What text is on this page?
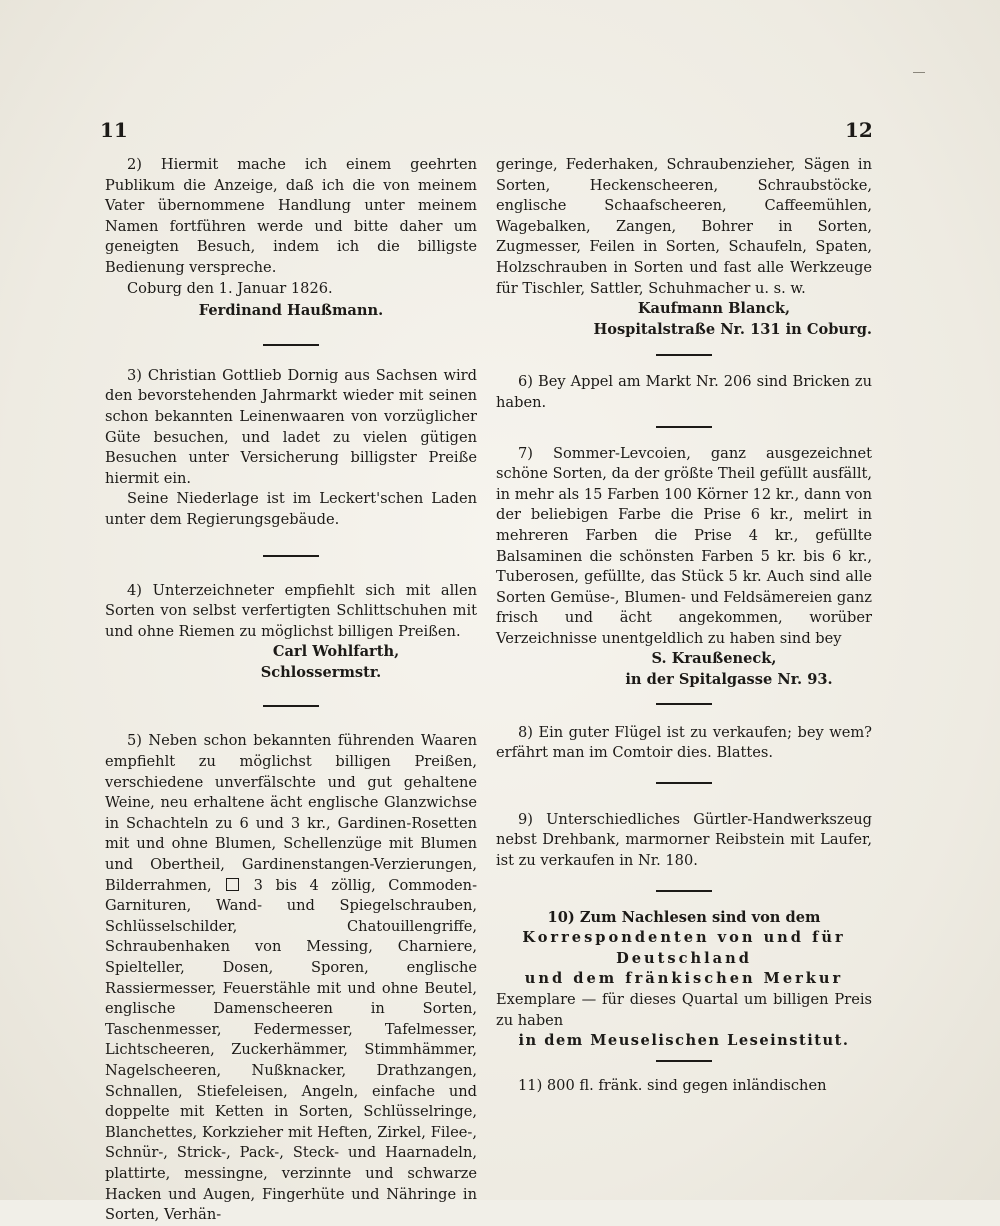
11	12

2) Hiermit mache ich einem geehrten Publikum die Anzeige, daß ich die von meinem Vater übernommene Handlung unter meinem Namen fortführen werde und bitte daher um geneigten Besuch, indem ich die billigste Bedienung verspreche.

Coburg den 1. Januar 1826.

Ferdinand Haußmann.

3) Christian Gottlieb Dornig aus Sachsen wird den bevorstehenden Jahrmarkt wieder mit seinen schon bekannten Leinenwaaren von vorzüglicher Güte besuchen, und ladet zu vielen gütigen Besuchen unter Versicherung billigster Preiße hiermit ein.

Seine Niederlage ist im Leckert'schen Laden unter dem Regierungsgebäude.

4) Unterzeichneter empfiehlt sich mit allen Sorten von selbst verfertigten Schlittschuhen mit und ohne Riemen zu möglichst billigen Preißen.

Carl Wohlfarth,
Schlossermstr.

5) Neben schon bekannten führenden Waaren empfiehlt zu möglichst billigen Preißen, verschiedene unverfälschte und gut gehaltene Weine, neu erhaltene ächt englische Glanzwichse in Schachteln zu 6 und 3 kr., Gardinen-Rosetten mit und ohne Blumen, Schellenzüge mit Blumen und Obertheil, Gardinenstangen-Verzierungen, Bilderrahmen,	3 bis 4 zöllig, Commoden-Garnituren, Wand- und Spiegelschrauben, Schlüsselschilder, Chatouillengriffe, Schraubenhaken von Messing, Charniere, Spielteller, Dosen, Sporen, englische Rassiermesser, Feuerstähle mit und ohne Beutel, englische Damenscheeren in Sorten, Taschenmesser, Federmesser, Tafelmesser, Lichtscheeren, Zuckerhämmer, Stimmhämmer, Nagelscheeren, Nußknacker, Drathzangen, Schnallen, Stiefeleisen, Angeln, einfache und doppelte mit Ketten in Sorten, Schlüsselringe, Blanchettes, Korkzieher mit Heften, Zirkel, Filee-, Schnür-, Strick-, Pack-, Steck- und Haarnadeln, plattirte, messingne, verzinnte und schwarze Hacken und Augen, Fingerhüte und Nähringe in Sorten, Verhän-

geringe, Federhaken, Schraubenzieher, Sägen in Sorten, Heckenscheeren, Schraubstöcke, englische Schaafscheeren, Caffeemühlen, Wagebalken, Zangen, Bohrer in Sorten, Zugmesser, Feilen in Sorten, Schaufeln, Spaten, Holzschrauben in Sorten und fast alle Werkzeuge für Tischler, Sattler, Schuhmacher u. s. w.

Kaufmann Blanck,
Hospitalstraße Nr. 131 in Coburg.

6) Bey Appel am Markt Nr. 206 sind Bricken zu haben.

7) Sommer-Levcoien, ganz ausgezeichnet schöne Sorten, da der größte Theil gefüllt ausfällt, in mehr als 15 Farben 100 Körner 12 kr., dann von der beliebigen Farbe die Prise 6 kr., melirt in mehreren Farben die Prise 4 kr., gefüllte Balsaminen die schönsten Farben 5 kr. bis 6 kr., Tuberosen, gefüllte, das Stück 5 kr. Auch sind alle Sorten Gemüse-, Blumen- und Feldsämereien ganz frisch und ächt angekommen, worüber Verzeichnisse unentgeldlich zu haben sind bey

S. Kraußeneck,
in der Spitalgasse Nr. 93.

8) Ein guter Flügel ist zu verkaufen; bey wem? erfährt man im Comtoir dies. Blattes.

9) Unterschiedliches Gürtler-Handwerkszeug nebst Drehbank, marmorner Reibstein mit Laufer, ist zu verkaufen in Nr. 180.

10) Zum Nachlesen sind von dem
Korrespondenten von und für
Deutschland
und dem fränkischen Merkur
Exemplare — für dieses Quartal um billigen Preis zu haben
in dem Meuselischen Leseinstitut.

11) 800 fl. fränk. sind gegen inländischen
